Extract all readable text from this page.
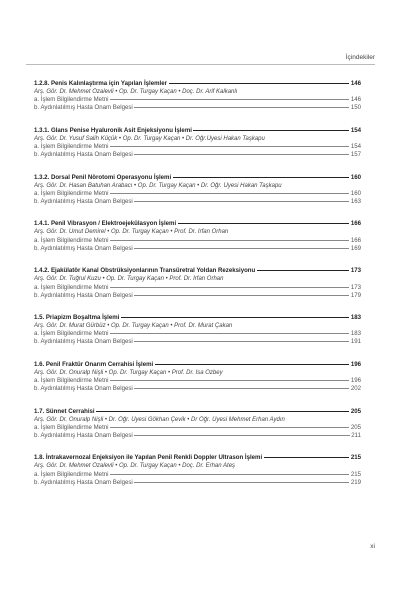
İçindekiler
1.2.8. Penis Kalınlaştırma için Yapılan İşlemler	146
Arş. Gör. Dr. Mehmet Özalevli • Op. Dr. Turgay Kaçan • Doç. Dr. Arif Kalkanlı
a. İşlem Bilgilendirme Metni	146
b. Aydınlatılmış Hasta Onam Belgesi	150
1.3.1. Glans Penise Hyaluronik Asit Enjeksiyonu İşlemi	154
Arş. Gör. Dr. Yusuf Salih Küçük • Op. Dr. Turgay Kaçan • Dr. Öğr.Üyesi Hakan Taşkapu
a. İşlem Bilgilendirme Metni	154
b. Aydınlatılmış Hasta Onam Belgesi	157
1.3.2. Dorsal Penil Nörotomi Operasyonu İşlemi	160
Arş. Gör. Dr. Hasan Batuhan Arabacı • Op. Dr. Turgay Kaçan • Dr. Öğr. Üyesi Hakan Taşkapu
a. İşlem Bilgilendirme Metni	160
b. Aydınlatılmış Hasta Onam Belgesi	163
1.4.1. Penil Vibrasyon / Elektroejekülasyon İşlemi	166
Arş. Gör. Dr. Umut Demirel • Op. Dr. Turgay Kaçan • Prof. Dr. İrfan Orhan
a. İşlem Bilgilendirme Metni	166
b. Aydınlatılmış Hasta Onam Belgesi	169
1.4.2. Ejakülatör Kanal Obstrüksiyonlarının Transüretral Yoldan Rezeksiyonu	173
Arş. Gör. Dr. Tuğrul Kuzu • Op. Dr. Turgay Kaçan • Prof. Dr. İrfan Orhan
a. İşlem Bilgilendirme Metni	173
b. Aydınlatılmış Hasta Onam Belgesi	179
1.5. Priapizm Boşaltma İşlemi	183
Arş. Gör. Dr. Murat Gürbüz • Op. Dr. Turgay Kaçan • Prof. Dr. Murat Çakan
a. İşlem Bilgilendirme Metni	183
b. Aydınlatılmış Hasta Onam Belgesi	191
1.6. Penil Fraktür Onarım Cerrahisi İşlemi	196
Arş. Gör. Dr. Onuralp Nişli • Op. Dr. Turgay Kaçan • Prof. Dr. İsa Özbey
a. İşlem Bilgilendirme Metni	196
b. Aydınlatılmış Hasta Onam Belgesi	202
1.7. Sünnet Cerrahisi	205
Arş. Gör. Dr. Onuralp Nişli • Dr. Öğr. Üyesi Gökhan Çevik • Dr Öğr. Üyesi Mehmet Erhan Aydın
a. İşlem Bilgilendirme Metni	205
b. Aydınlatılmış Hasta Onam Belgesi	211
1.8. İntrakavernozal Enjeksiyon ile Yapılan Penil Renkli Doppler Ultrason İşlemi	215
Arş. Gör. Dr. Mehmet Özalevli • Op. Dr. Turgay Kaçan • Doç. Dr. Erhan Ateş
a. İşlem Bilgilendirme Metni	215
b. Aydınlatılmış Hasta Onam Belgesi	219
xi
